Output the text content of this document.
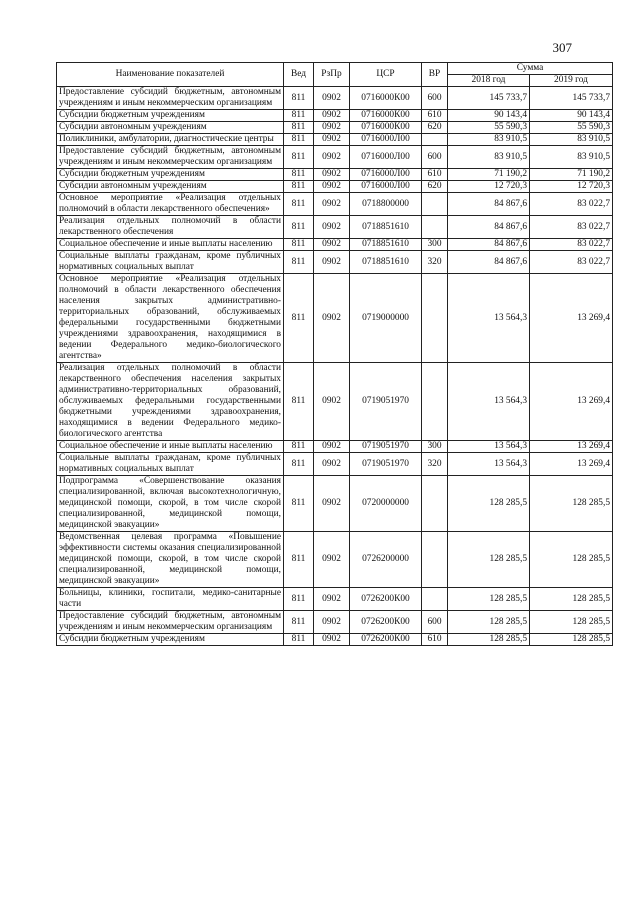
307
Наименование показателей	Вед	РзПр	ЦСР	ВР	Сумма	
					2018 год	2019 год
Предоставление субсидий бюджетным, автономным учреждениям и иным некоммерческим организациям	811	0902	0716000К00	600	145 733,7	145 733,7
Субсидии бюджетным учреждениям	811	0902	0716000К00	610	90 143,4	90 143,4
Субсидии автономным учреждениям	811	0902	0716000К00	620	55 590,3	55 590,3
Поликлиники, амбулатории, диагностические центры	811	0902	0716000Л00		83 910,5	83 910,5
Предоставление субсидий бюджетным, автономным учреждениям и иным некоммерческим организациям	811	0902	0716000Л00	600	83 910,5	83 910,5
Субсидии бюджетным учреждениям	811	0902	0716000Л00	610	71 190,2	71 190,2
Субсидии автономным учреждениям	811	0902	0716000Л00	620	12 720,3	12 720,3
Основное мероприятие «Реализация отдельных полномочий в области лекарственного обеспечения»	811	0902	0718800000		84 867,6	83 022,7
Реализация отдельных полномочий в области лекарственного обеспечения	811	0902	0718851610		84 867,6	83 022,7
Социальное обеспечение и иные выплаты населению	811	0902	0718851610	300	84 867,6	83 022,7
Социальные выплаты гражданам, кроме публичных нормативных социальных выплат	811	0902	0718851610	320	84 867,6	83 022,7
Основное мероприятие «Реализация отдельных полномочий в области лекарственного обеспечения населения закрытых административно-территориальных образований, обслуживаемых федеральными государственными бюджетными учреждениями здравоохранения, находящимися в ведении Федерального медико-биологического агентства»	811	0902	0719000000		13 564,3	13 269,4
Реализация отдельных полномочий в области лекарственного обеспечения населения закрытых административно-территориальных образований, обслуживаемых федеральными государственными бюджетными учреждениями здравоохранения, находящимися в ведении Федерального медико-биологического агентства	811	0902	0719051970		13 564,3	13 269,4
Социальное обеспечение и иные выплаты населению	811	0902	0719051970	300	13 564,3	13 269,4
Социальные выплаты гражданам, кроме публичных нормативных социальных выплат	811	0902	0719051970	320	13 564,3	13 269,4
Подпрограмма «Совершенствование оказания специализированной, включая высокотехнологичную, медицинской помощи, скорой, в том числе скорой специализированной, медицинской помощи, медицинской эвакуации»	811	0902	0720000000		128 285,5	128 285,5
Ведомственная целевая программа «Повышение эффективности системы оказания специализированной медицинской помощи, скорой, в том числе скорой специализированной, медицинской помощи, медицинской эвакуации»	811	0902	0726200000		128 285,5	128 285,5
Больницы, клиники, госпитали, медико-санитарные части	811	0902	0726200К00		128 285,5	128 285,5
Предоставление субсидий бюджетным, автономным учреждениям и иным некоммерческим организациям	811	0902	0726200К00	600	128 285,5	128 285,5
Субсидии бюджетным учреждениям	811	0902	0726200К00	610	128 285,5	128 285,5
